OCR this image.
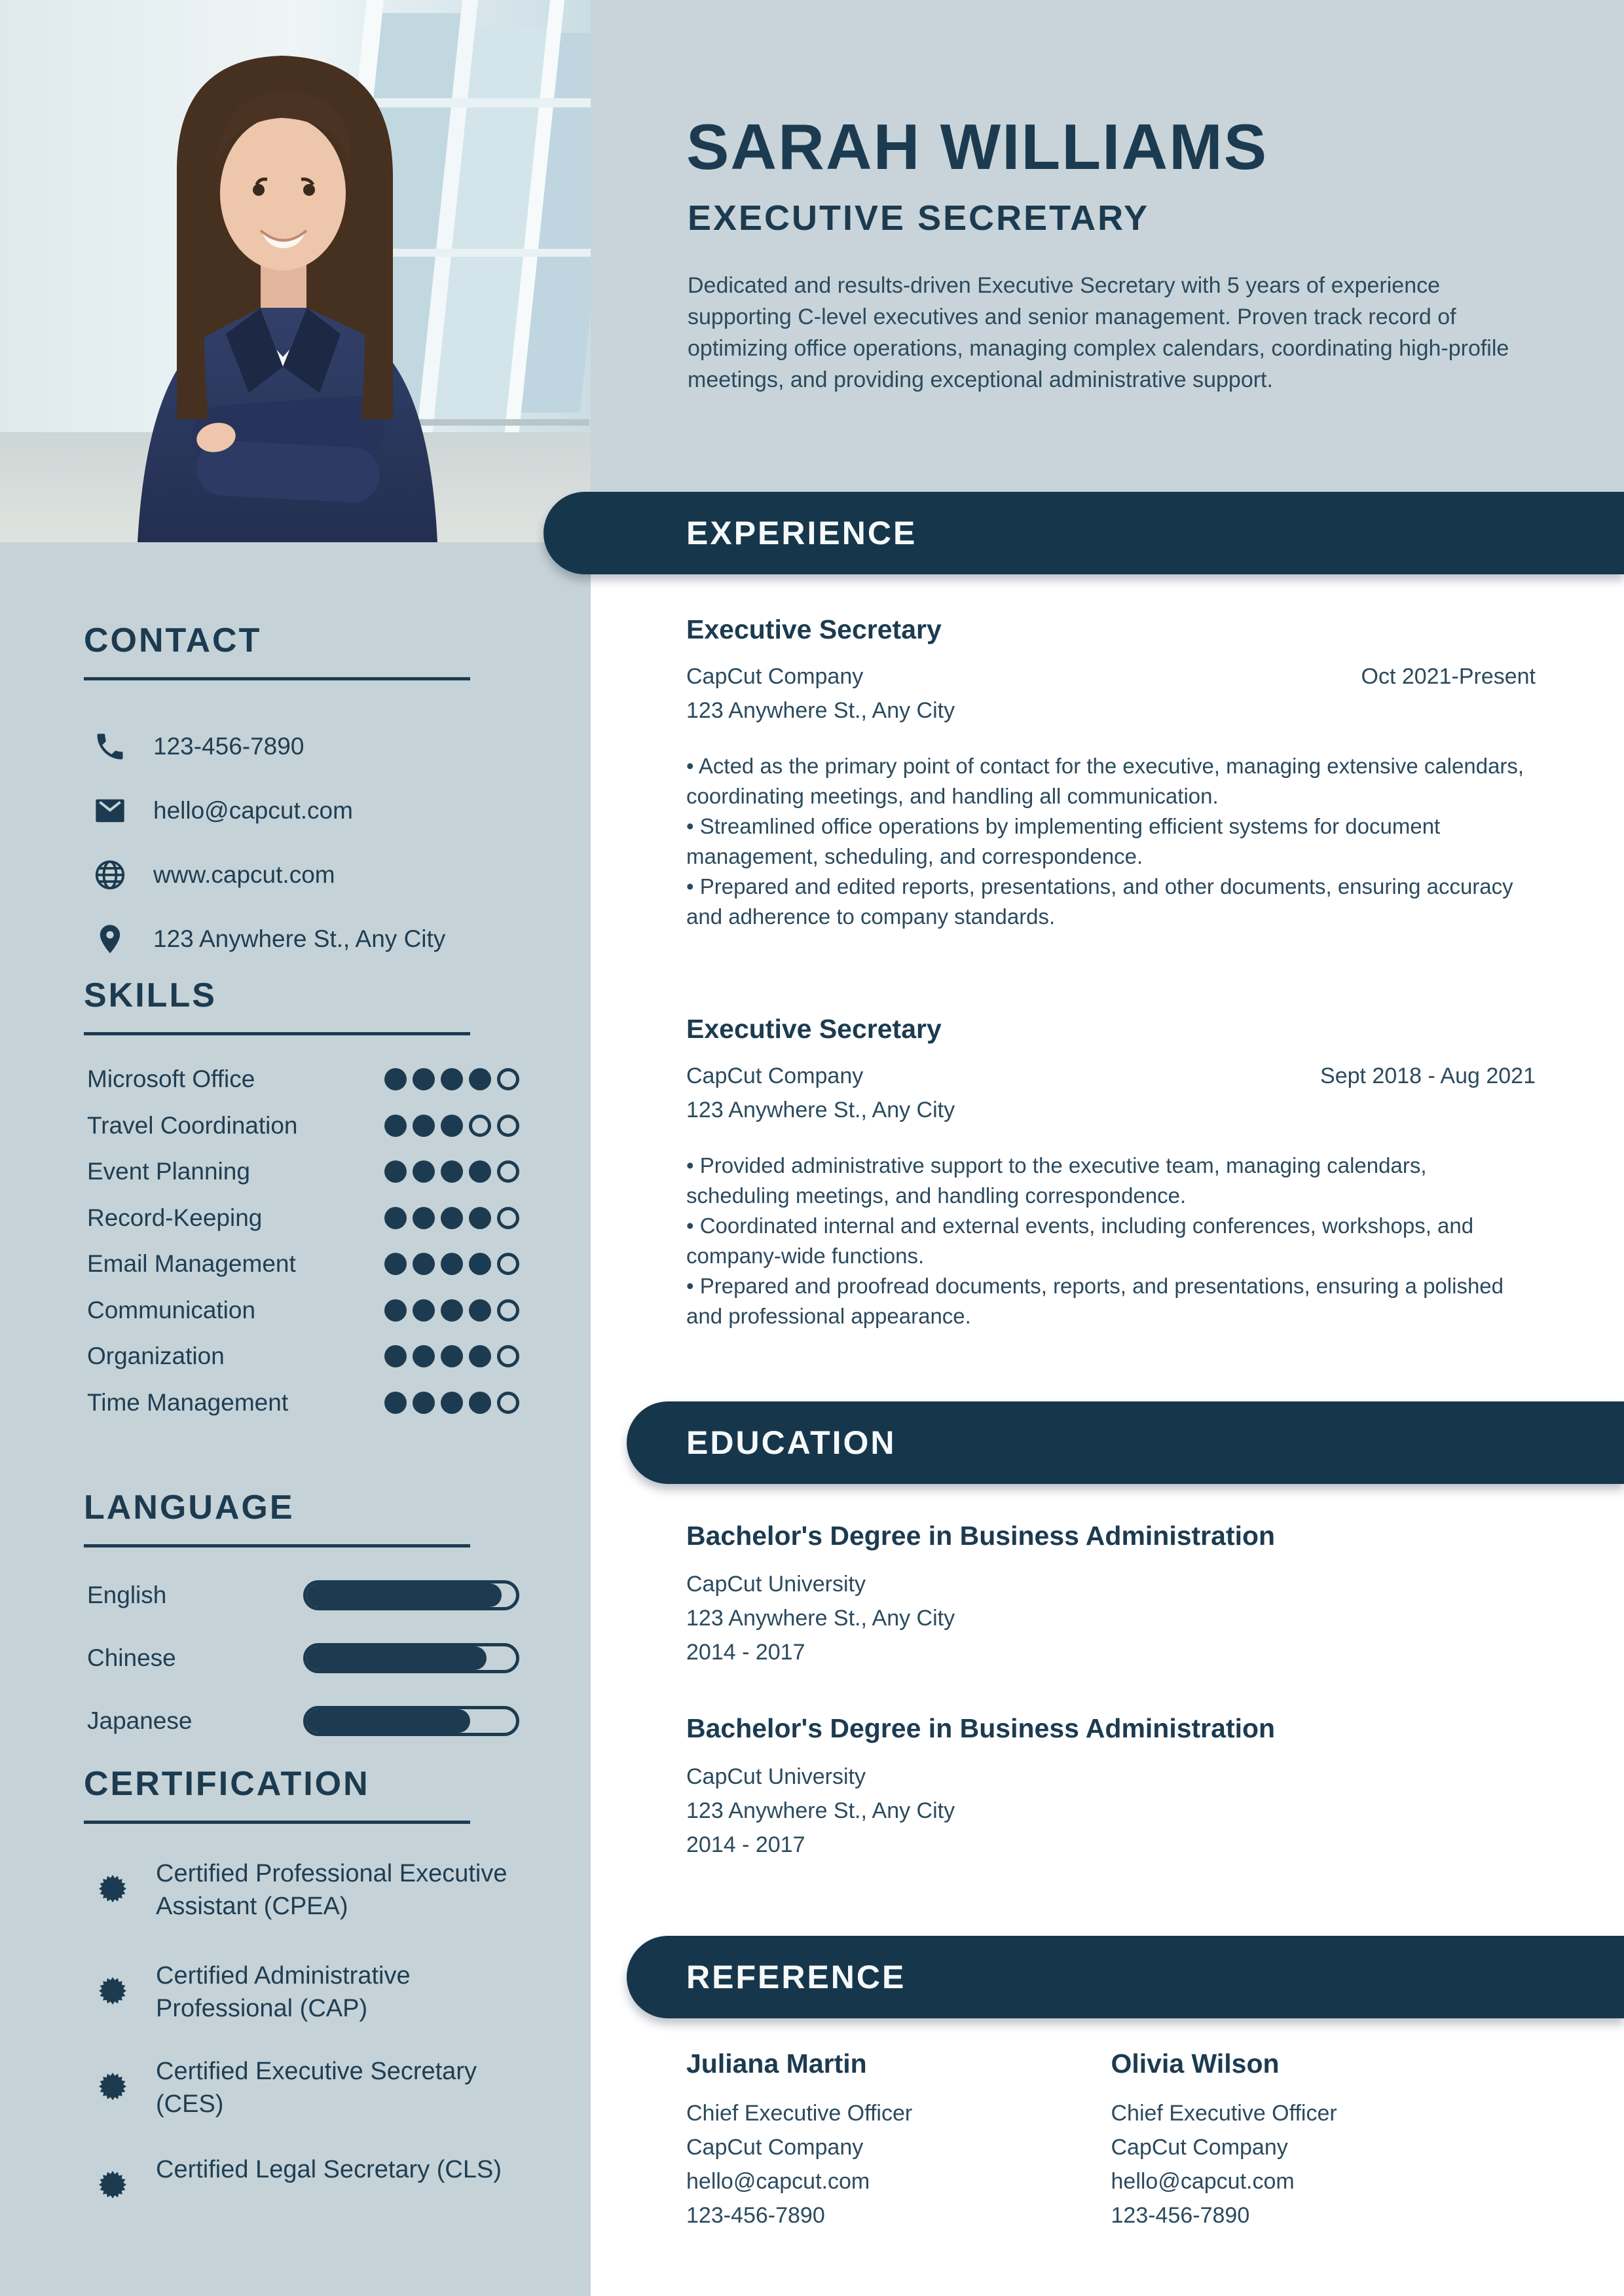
SARAH WILLIAMS
EXECUTIVE SECRETARY
Dedicated and results-driven Executive Secretary with 5 years of experience supporting C-level executives and senior management. Proven track record of optimizing office operations, managing complex calendars, coordinating high-profile meetings, and providing exceptional administrative support.
EXPERIENCE
EDUCATION
REFERENCE
Executive Secretary
CapCut Company	Oct 2021-Present
123 Anywhere St., Any City
• Acted as the primary point of contact for the executive, managing extensive calendars, coordinating meetings, and handling all communication.
• Streamlined office operations by implementing efficient systems for document management, scheduling, and correspondence.
• Prepared and edited reports, presentations, and other documents, ensuring accuracy and adherence to company standards.
Executive Secretary
CapCut Company	Sept 2018 - Aug 2021
123 Anywhere St., Any City
• Provided administrative support to the executive team, managing calendars, scheduling meetings, and handling correspondence.
• Coordinated internal and external events, including conferences, workshops, and company-wide functions.
• Prepared and proofread documents, reports, and presentations, ensuring a polished and professional appearance.
Bachelor's Degree in Business Administration
CapCut University
123 Anywhere St., Any City
2014 - 2017
Bachelor's Degree in Business Administration
CapCut University
123 Anywhere St., Any City
2014 - 2017
Juliana Martin
Chief Executive Officer
CapCut Company
hello@capcut.com
123-456-7890
Olivia Wilson
Chief Executive Officer
CapCut Company
hello@capcut.com
123-456-7890
CONTACT
123-456-7890
hello@capcut.com
www.capcut.com
123 Anywhere St., Any City
SKILLS
Microsoft Office
Travel Coordination
Event Planning
Record-Keeping
Email Management
Communication
Organization
Time Management
LANGUAGE
English
Chinese
Japanese
CERTIFICATION
Certified Professional Executive Assistant (CPEA)
Certified Administrative Professional (CAP)
Certified Executive Secretary (CES)
Certified Legal Secretary (CLS)
